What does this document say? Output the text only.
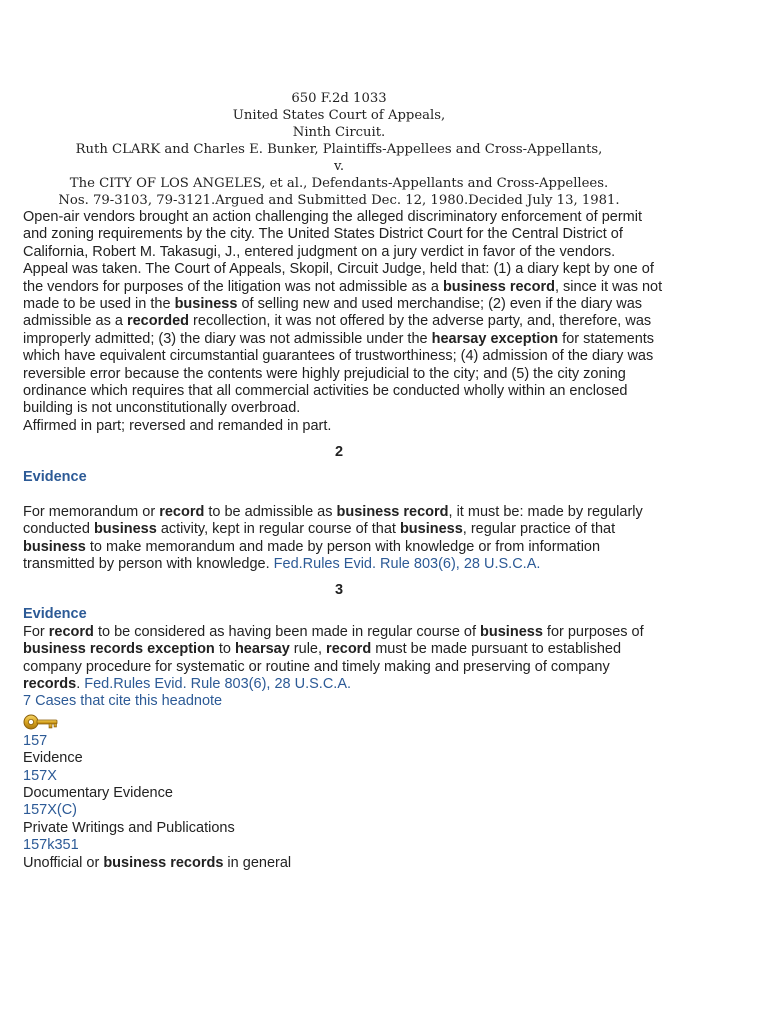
650 F.2d 1033
United States Court of Appeals,
Ninth Circuit.
Ruth CLARK and Charles E. Bunker, Plaintiffs-Appellees and Cross-Appellants,
v.
The CITY OF LOS ANGELES, et al., Defendants-Appellants and Cross-Appellees.
Nos. 79-3103, 79-3121.Argued and Submitted Dec. 12, 1980.Decided July 13, 1981.

Open-air vendors brought an action challenging the alleged discriminatory enforcement of permit and zoning requirements by the city. The United States District Court for the Central District of California, Robert M. Takasugi, J., entered judgment on a jury verdict in favor of the vendors. Appeal was taken. The Court of Appeals, Skopil, Circuit Judge, held that: (1) a diary kept by one of the vendors for purposes of the litigation was not admissible as a business record, since it was not made to be used in the business of selling new and used merchandise; (2) even if the diary was admissible as a recorded recollection, it was not offered by the adverse party, and, therefore, was improperly admitted; (3) the diary was not admissible under the hearsay exception for statements which have equivalent circumstantial guarantees of trustworthiness; (4) admission of the diary was reversible error because the contents were highly prejudicial to the city; and (5) the city zoning ordinance which requires that all commercial activities be conducted wholly within an enclosed building is not unconstitutionally overbroad.

Affirmed in part; reversed and remanded in part.

2
Evidence

For memorandum or record to be admissible as business record, it must be: made by regularly conducted business activity, kept in regular course of that business, regular practice of that business to make memorandum and made by person with knowledge or from information transmitted by person with knowledge. Fed.Rules Evid. Rule 803(6), 28 U.S.C.A.

3
Evidence

For record to be considered as having been made in regular course of business for purposes of business records exception to hearsay rule, record must be made pursuant to established company procedure for systematic or routine and timely making and preserving of company records. Fed.Rules Evid. Rule 803(6), 28 U.S.C.A.

7 Cases that cite this headnote
157
Evidence
157X
Documentary Evidence
157X(C)
Private Writings and Publications
157k351
Unofficial or business records in general
